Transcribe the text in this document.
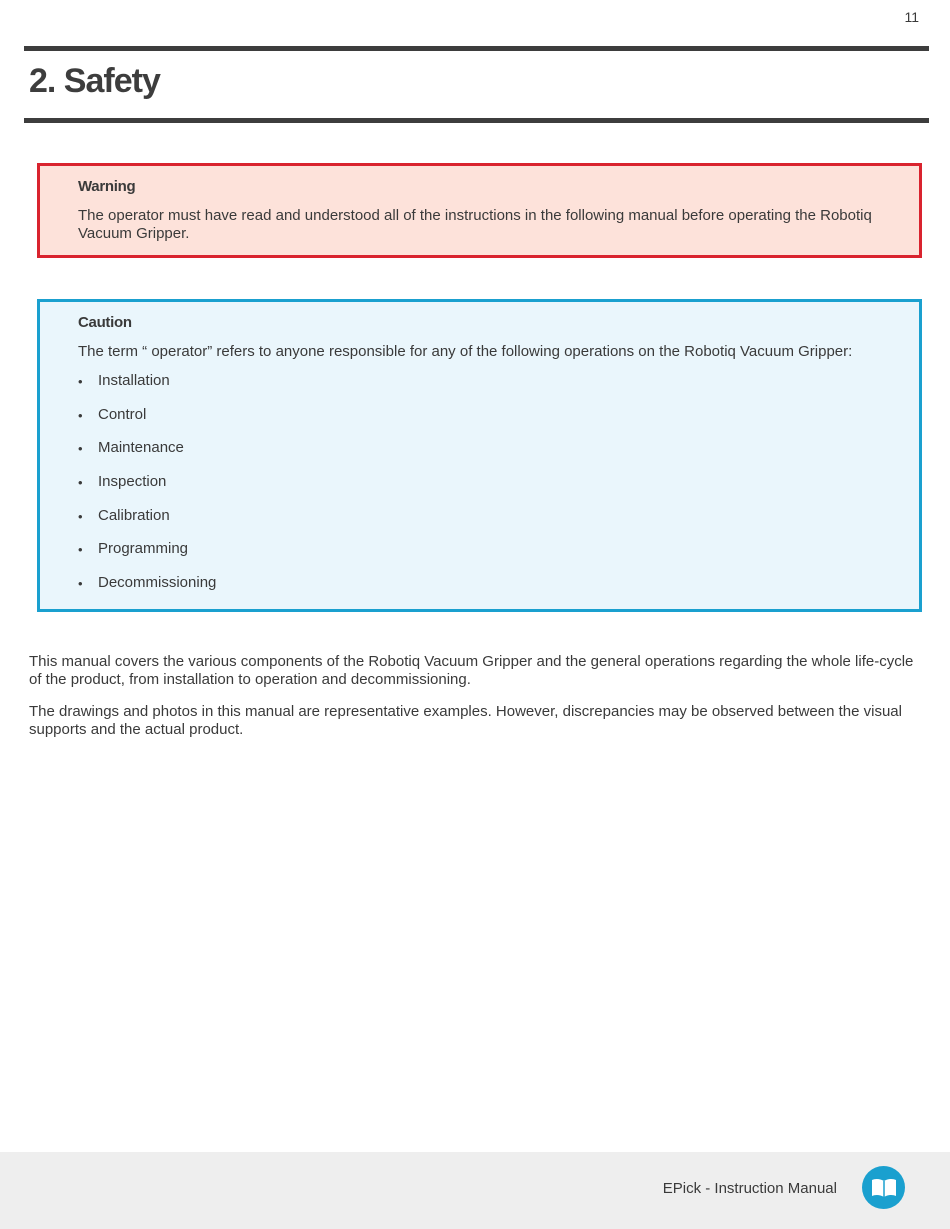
11
2. Safety
Warning

The operator must have read and understood all of the instructions in the following manual before operating the Robotiq Vacuum Gripper.

Caution

The term “ operator” refers to anyone responsible for any of the following operations on the Robotiq Vacuum Gripper:

• Installation
• Control
• Maintenance
• Inspection
• Calibration
• Programming
• Decommissioning

This manual covers the various components of the Robotiq Vacuum Gripper and the general operations regarding the whole life-cycle of the product, from installation to operation and decommissioning.

The drawings and photos in this manual are representative examples. However, discrepancies may be observed between the visual supports and the actual product.

EPick - Instruction Manual
